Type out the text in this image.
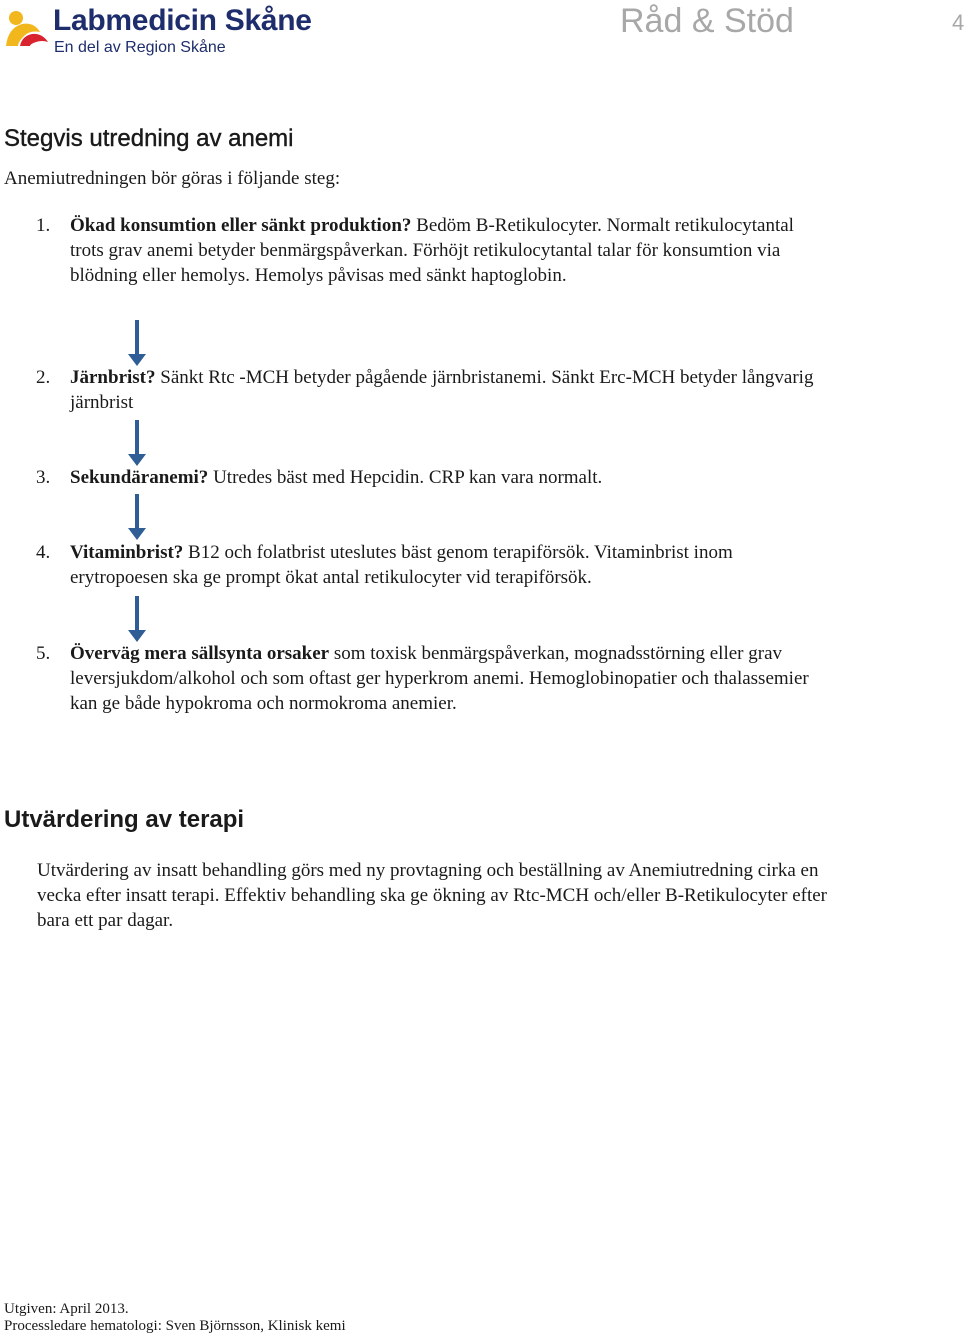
Labmedicin Skåne
En del av Region Skåne
Råd & Stöd	4
Stegvis utredning av anemi

Anemiutredningen bör göras i följande steg:

1. Ökad konsumtion eller sänkt produktion? Bedöm B-Retikulocyter. Normalt retikulocytantal trots grav anemi betyder benmärgspåverkan. Förhöjt retikulocytantal talar för konsumtion via blödning eller hemolys. Hemolys påvisas med sänkt haptoglobin.
2. Järnbrist? Sänkt Rtc -MCH betyder pågående järnbristanemi. Sänkt Erc-MCH betyder långvarig järnbrist
3. Sekundäranemi? Utredes bäst med Hepcidin. CRP kan vara normalt.
4. Vitaminbrist? B12 och folatbrist uteslutes bäst genom terapiförsök. Vitaminbrist inom erytropoesen ska ge prompt ökat antal retikulocyter vid terapiförsök.
5. Överväg mera sällsynta orsaker som toxisk benmärgspåverkan, mognadsstörning eller grav leversjukdom/alkohol och som oftast ger hyperkrom anemi. Hemoglobinopatier och thalassemier kan ge både hypokroma och normokroma anemier.
Utvärdering av terapi

Utvärdering av insatt behandling görs med ny provtagning och beställning av Anemiutredning cirka en vecka efter insatt terapi. Effektiv behandling ska ge ökning av Rtc-MCH och/eller B-Retikulocyter efter bara ett par dagar.

Utgiven: April 2013.
Processledare hematologi: Sven Björnsson, Klinisk kemi
